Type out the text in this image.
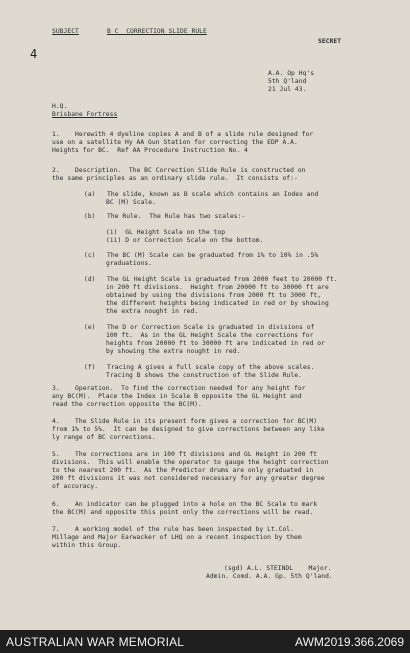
SUBJECT	B C  CORRECTION SLIDE RULE
SECRET
4
A.A. Op Hq's
5th Q'land
21 Jul 43.
H.Q.
Brisbane Fortress
1.    Herewith 4 dyeline copies A and B of a slide rule designed for
use on a satellite Hy AA Gun Station for correcting the EDP A.A.
Heights for BC.  Ref AA Procedure Instruction No. 4
2.    Description.  The BC Correction Slide Rule is constructed on
the same principles as an ordinary slide rule.  It consists of:-
(a)   The slide, known as B scale which contains an Index and
BC (M) Scale.
(b)   The Rule.  The Rule has two scales:-
(i)  GL Height Scale on the top
(ii) D or Correction Scale on the bottom.
(c)   The BC (M) Scale can be graduated from 1% to 10% in .5%
graduations.
(d)   The GL Height Scale is graduated from 2000 feet to 20000 ft.
in 200 ft divisions.  Height from 20000 ft to 30000 ft are
obtained by using the divisions from 2000 ft to 3000 ft,
the different heights being indicated in red or by showing
the extra nought in red.
(e)   The D or Correction Scale is graduated in divisions of
100 ft.  As in the GL Height Scale the corrections for
heights from 20000 ft to 30000 ft are indicated in red or
by showing the extra nought in red.
(f)   Tracing A gives a full scale copy of the above scales.
Tracing B shows the construction of the Slide Rule.
3.    Operation.  To find the correction needed for any height for
any BC(M).  Place the Index in Scale B opposite the GL Height and
read the correction opposite the BC(M).
4.    The Slide Rule in its present form gives a correction for BC(M)
from 1% to 5%.  It can be designed to give corrections between any like
ly range of BC corrections.
5.    The corrections are in 100 ft divisions and GL Height in 200 ft
divisions.  This will enable the operator to gauge the height correction
to the nearest 200 ft.  As the Predictor drums are only graduated in
200 ft divisions it was not considered necessary for any greater degree
of accuracy.
6.    An indicator can be plugged into a hole on the BC Scale to mark
the BC(M) and opposite this point only the corrections will be read.
7.    A working model of the rule has been inspected by Lt.Col.
Millage and Major Earwacker of LHQ on a recent inspection by them
within this Group.
(sgd) A.L. STEINDL    Major.
Admin. Comd. A.A. Gp. 5th Q'land.
AUSTRALIAN WAR MEMORIAL	AWM2019.366.2069
